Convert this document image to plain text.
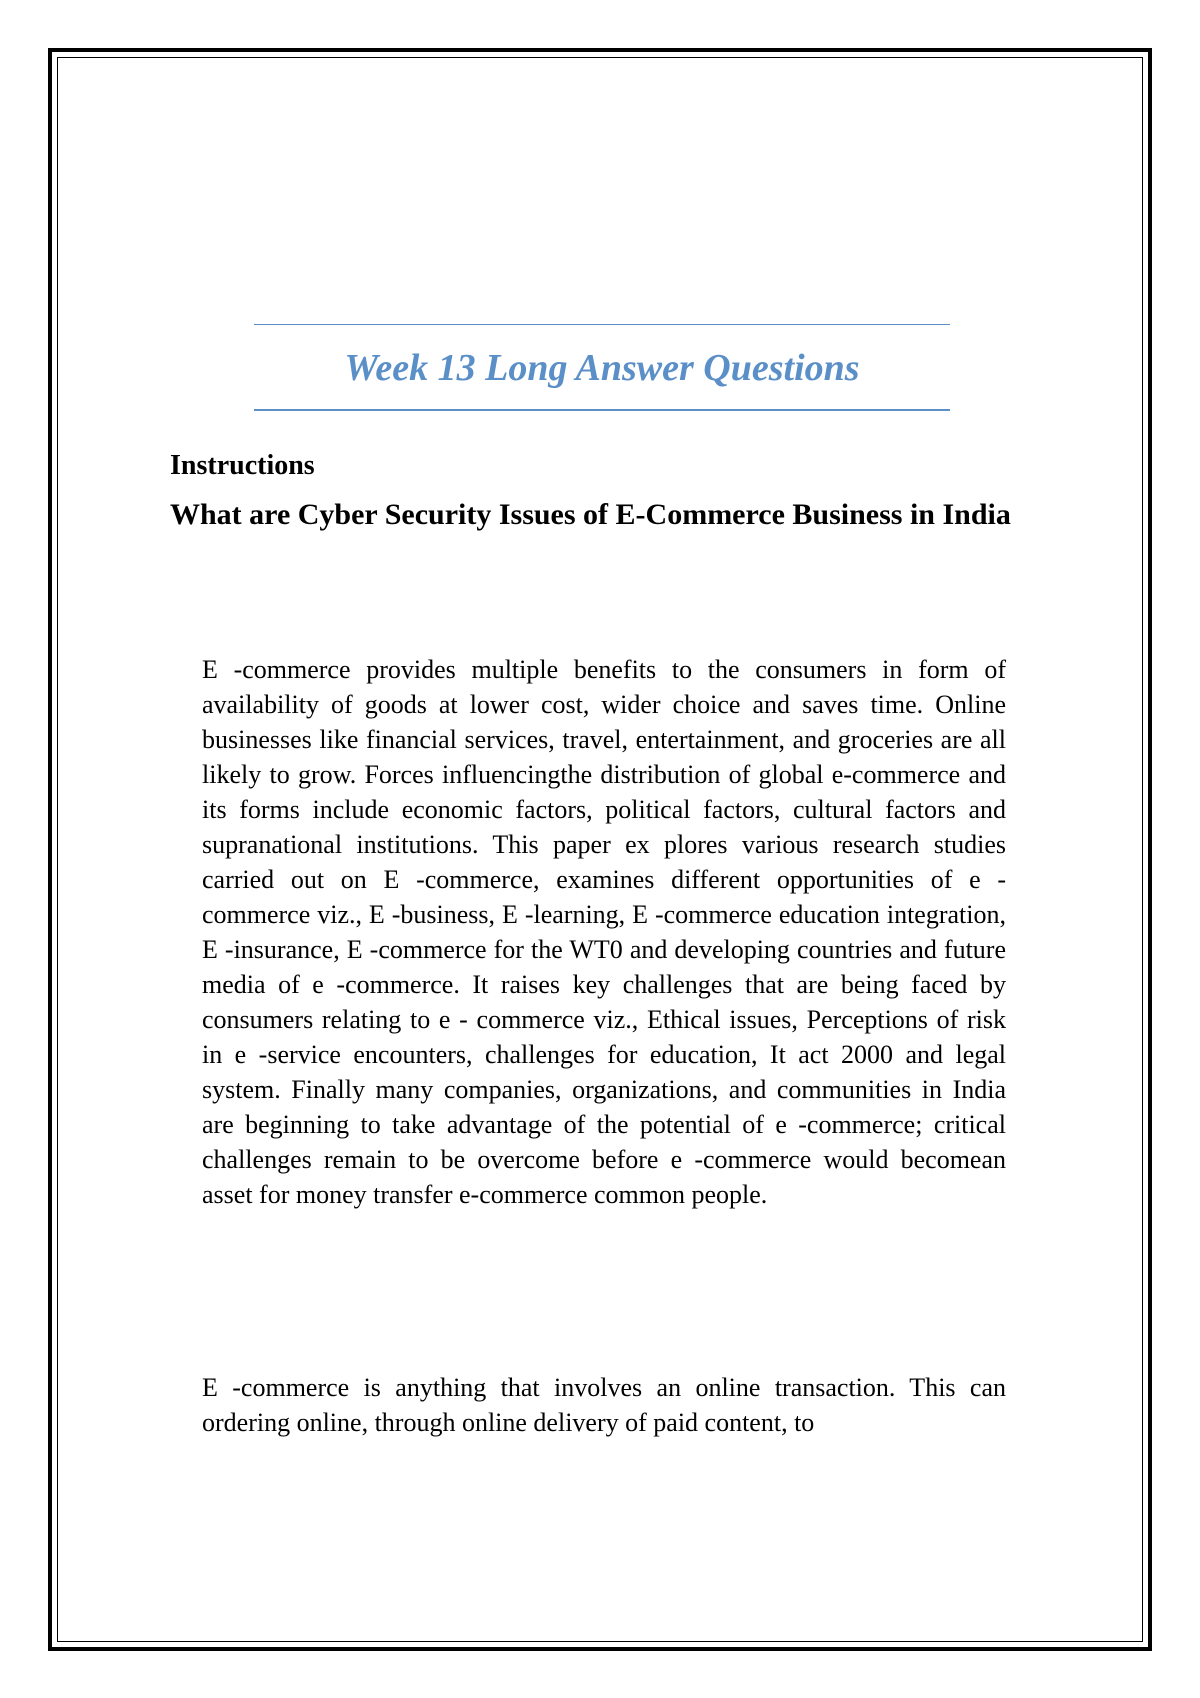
Week 13 Long Answer Questions
Instructions
What are Cyber Security Issues of E-Commerce Business in India

E -commerce provides multiple benefits to the consumers in form of availability of goods at lower cost, wider choice and saves time. Online businesses like financial services, travel, entertainment, and groceries are all likely to grow. Forces influencingthe distribution of global e-commerce and its forms include economic factors, political factors, cultural factors and supranational institutions. This paper ex plores various research studies carried out on E -commerce, examines different opportunities of e -commerce viz., E -business, E -learning, E -commerce education integration, E -insurance, E -commerce for the WT0 and developing countries and future media of e -commerce. It raises key challenges that are being faced by consumers relating to e - commerce viz., Ethical issues, Perceptions of risk in e -service encounters, challenges for education, It act 2000 and legal system. Finally many companies, organizations, and communities in India are beginning to take advantage of the potential of e -commerce; critical challenges remain to be overcome before e -commerce would becomean asset for money transfer e-commerce common people.

E -commerce is anything that involves an online transaction. This can ordering online, through online delivery of paid content, to
